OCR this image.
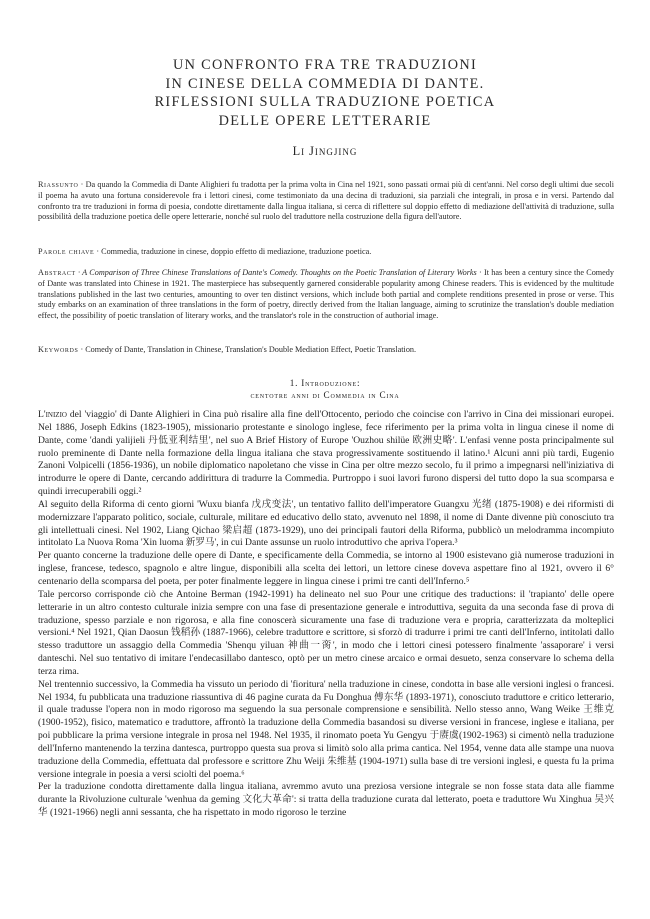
UN CONFRONTO FRA TRE TRADUZIONI
IN CINESE DELLA COMMEDIA DI DANTE.
RIFLESSIONI SULLA TRADUZIONE POETICA
DELLE OPERE LETTERARIE
Li Jingjing
Riassunto · Da quando la Commedia di Dante Alighieri fu tradotta per la prima volta in Cina nel 1921, sono passati ormai più di cent'anni. Nel corso degli ultimi due secoli il poema ha avuto una fortuna considerevole fra i lettori cinesi, come testimoniato da una decina di traduzioni, sia parziali che integrali, in prosa e in versi. Partendo dal confronto tra tre traduzioni in forma di poesia, condotte direttamente dalla lingua italiana, si cerca di riflettere sul doppio effetto di mediazione dell'attività di traduzione, sulla possibilità della traduzione poetica delle opere letterarie, nonché sul ruolo del traduttore nella costruzione della figura dell'autore.
Parole chiave · Commedia, traduzione in cinese, doppio effetto di mediazione, traduzione poetica.
Abstract · A Comparison of Three Chinese Translations of Dante's Comedy. Thoughts on the Poetic Translation of Literary Works · It has been a century since the Comedy of Dante was translated into Chinese in 1921. The masterpiece has subsequently garnered considerable popularity among Chinese readers. This is evidenced by the multitude translations published in the last two centuries, amounting to over ten distinct versions, which include both partial and complete renditions presented in prose or verse. This study embarks on an examination of three translations in the form of poetry, directly derived from the Italian language, aiming to scrutinize the translation's double mediation effect, the possibility of poetic translation of literary works, and the translator's role in the construction of authorial image.
Keywords · Comedy of Dante, Translation in Chinese, Translation's Double Mediation Effect, Poetic Translation.
1. Introduzione:
centotre anni di Commedia in Cina

L'inizio del 'viaggio' di Dante Alighieri in Cina può risalire alla fine dell'Ottocento, periodo che coincise con l'arrivo in Cina dei missionari europei. Nel 1886, Joseph Edkins (1823-1905), missionario protestante e sinologo inglese, fece riferimento per la prima volta in lingua cinese il nome di Dante, come 'dandi yalijieli 丹低亚利结里', nel suo A Brief History of Europe 'Ouzhou shilüe 欧洲史略'. L'enfasi venne posta principalmente sul ruolo preminente di Dante nella formazione della lingua italiana che stava progressivamente sostituendo il latino.¹ Alcuni anni più tardi, Eugenio Zanoni Volpicelli (1856-1936), un nobile diplomatico napoletano che visse in Cina per oltre mezzo secolo, fu il primo a impegnarsi nell'iniziativa di introdurre le opere di Dante, cercando addirittura di tradurre la Commedia. Purtroppo i suoi lavori furono dispersi del tutto dopo la sua scomparsa e quindi irrecuperabili oggi.²

Al seguito della Riforma di cento giorni 'Wuxu bianfa 戊戌变法', un tentativo fallito dell'imperatore Guangxu 光绪 (1875-1908) e dei riformisti di modernizzare l'apparato politico, sociale, culturale, militare ed educativo dello stato, avvenuto nel 1898, il nome di Dante divenne più conosciuto tra gli intellettuali cinesi. Nel 1902, Liang Qichao 梁启超 (1873-1929), uno dei principali fautori della Riforma, pubblicò un melodramma incompiuto intitolato La Nuova Roma 'Xin luoma 新罗马', in cui Dante assunse un ruolo introduttivo che apriva l'opera.³

Per quanto concerne la traduzione delle opere di Dante, e specificamente della Commedia, se intorno al 1900 esistevano già numerose traduzioni in inglese, francese, tedesco, spagnolo e altre lingue, disponibili alla scelta dei lettori, un lettore cinese doveva aspettare fino al 1921, ovvero il 6° centenario della scomparsa del poeta, per poter finalmente leggere in lingua cinese i primi tre canti dell'Inferno.⁵

Tale percorso corrisponde ciò che Antoine Berman (1942-1991) ha delineato nel suo Pour une critique des traductions: il 'trapianto' delle opere letterarie in un altro contesto culturale inizia sempre con una fase di presentazione generale e introduttiva, seguita da una seconda fase di prova di traduzione, spesso parziale e non rigorosa, e alla fine conoscerà sicuramente una fase di traduzione vera e propria, caratterizzata da molteplici versioni.⁴ Nel 1921, Qian Daosun 钱稻孙 (1887-1966), celebre traduttore e scrittore, si sforzò di tradurre i primi tre canti dell'Inferno, intitolati dallo stesso traduttore un assaggio della Commedia 'Shenqu yiluan 神曲一脔', in modo che i lettori cinesi potessero finalmente 'assaporare' i versi danteschi. Nel suo tentativo di imitare l'endecasillabo dantesco, optò per un metro cinese arcaico e ormai desueto, senza conservare lo schema della terza rima.

Nel trentennio successivo, la Commedia ha vissuto un periodo di 'fioritura' nella traduzione in cinese, condotta in base alle versioni inglesi o francesi. Nel 1934, fu pubblicata una traduzione riassuntiva di 46 pagine curata da Fu Donghua 傅东华 (1893-1971), conosciuto traduttore e critico letterario, il quale tradusse l'opera non in modo rigoroso ma seguendo la sua personale comprensione e sensibilità. Nello stesso anno, Wang Weike 王维克 (1900-1952), fisico, matematico e traduttore, affrontò la traduzione della Commedia basandosi su diverse versioni in francese, inglese e italiana, per poi pubblicare la prima versione integrale in prosa nel 1948. Nel 1935, il rinomato poeta Yu Gengyu 于赓虞(1902-1963) si cimentò nella traduzione dell'Inferno mantenendo la terzina dantesca, purtroppo questa sua prova si limitò solo alla prima cantica. Nel 1954, venne data alle stampe una nuova traduzione della Commedia, effettuata dal professore e scrittore Zhu Weiji 朱维基 (1904-1971) sulla base di tre versioni inglesi, e questa fu la prima versione integrale in poesia a versi sciolti del poema.⁶

Per la traduzione condotta direttamente dalla lingua italiana, avremmo avuto una preziosa versione integrale se non fosse stata data alle fiamme durante la Rivoluzione culturale 'wenhua da geming 文化大革命': si tratta della traduzione curata dal letterato, poeta e traduttore Wu Xinghua 吴兴华 (1921-1966) negli anni sessanta, che ha rispettato in modo rigoroso le terzine
